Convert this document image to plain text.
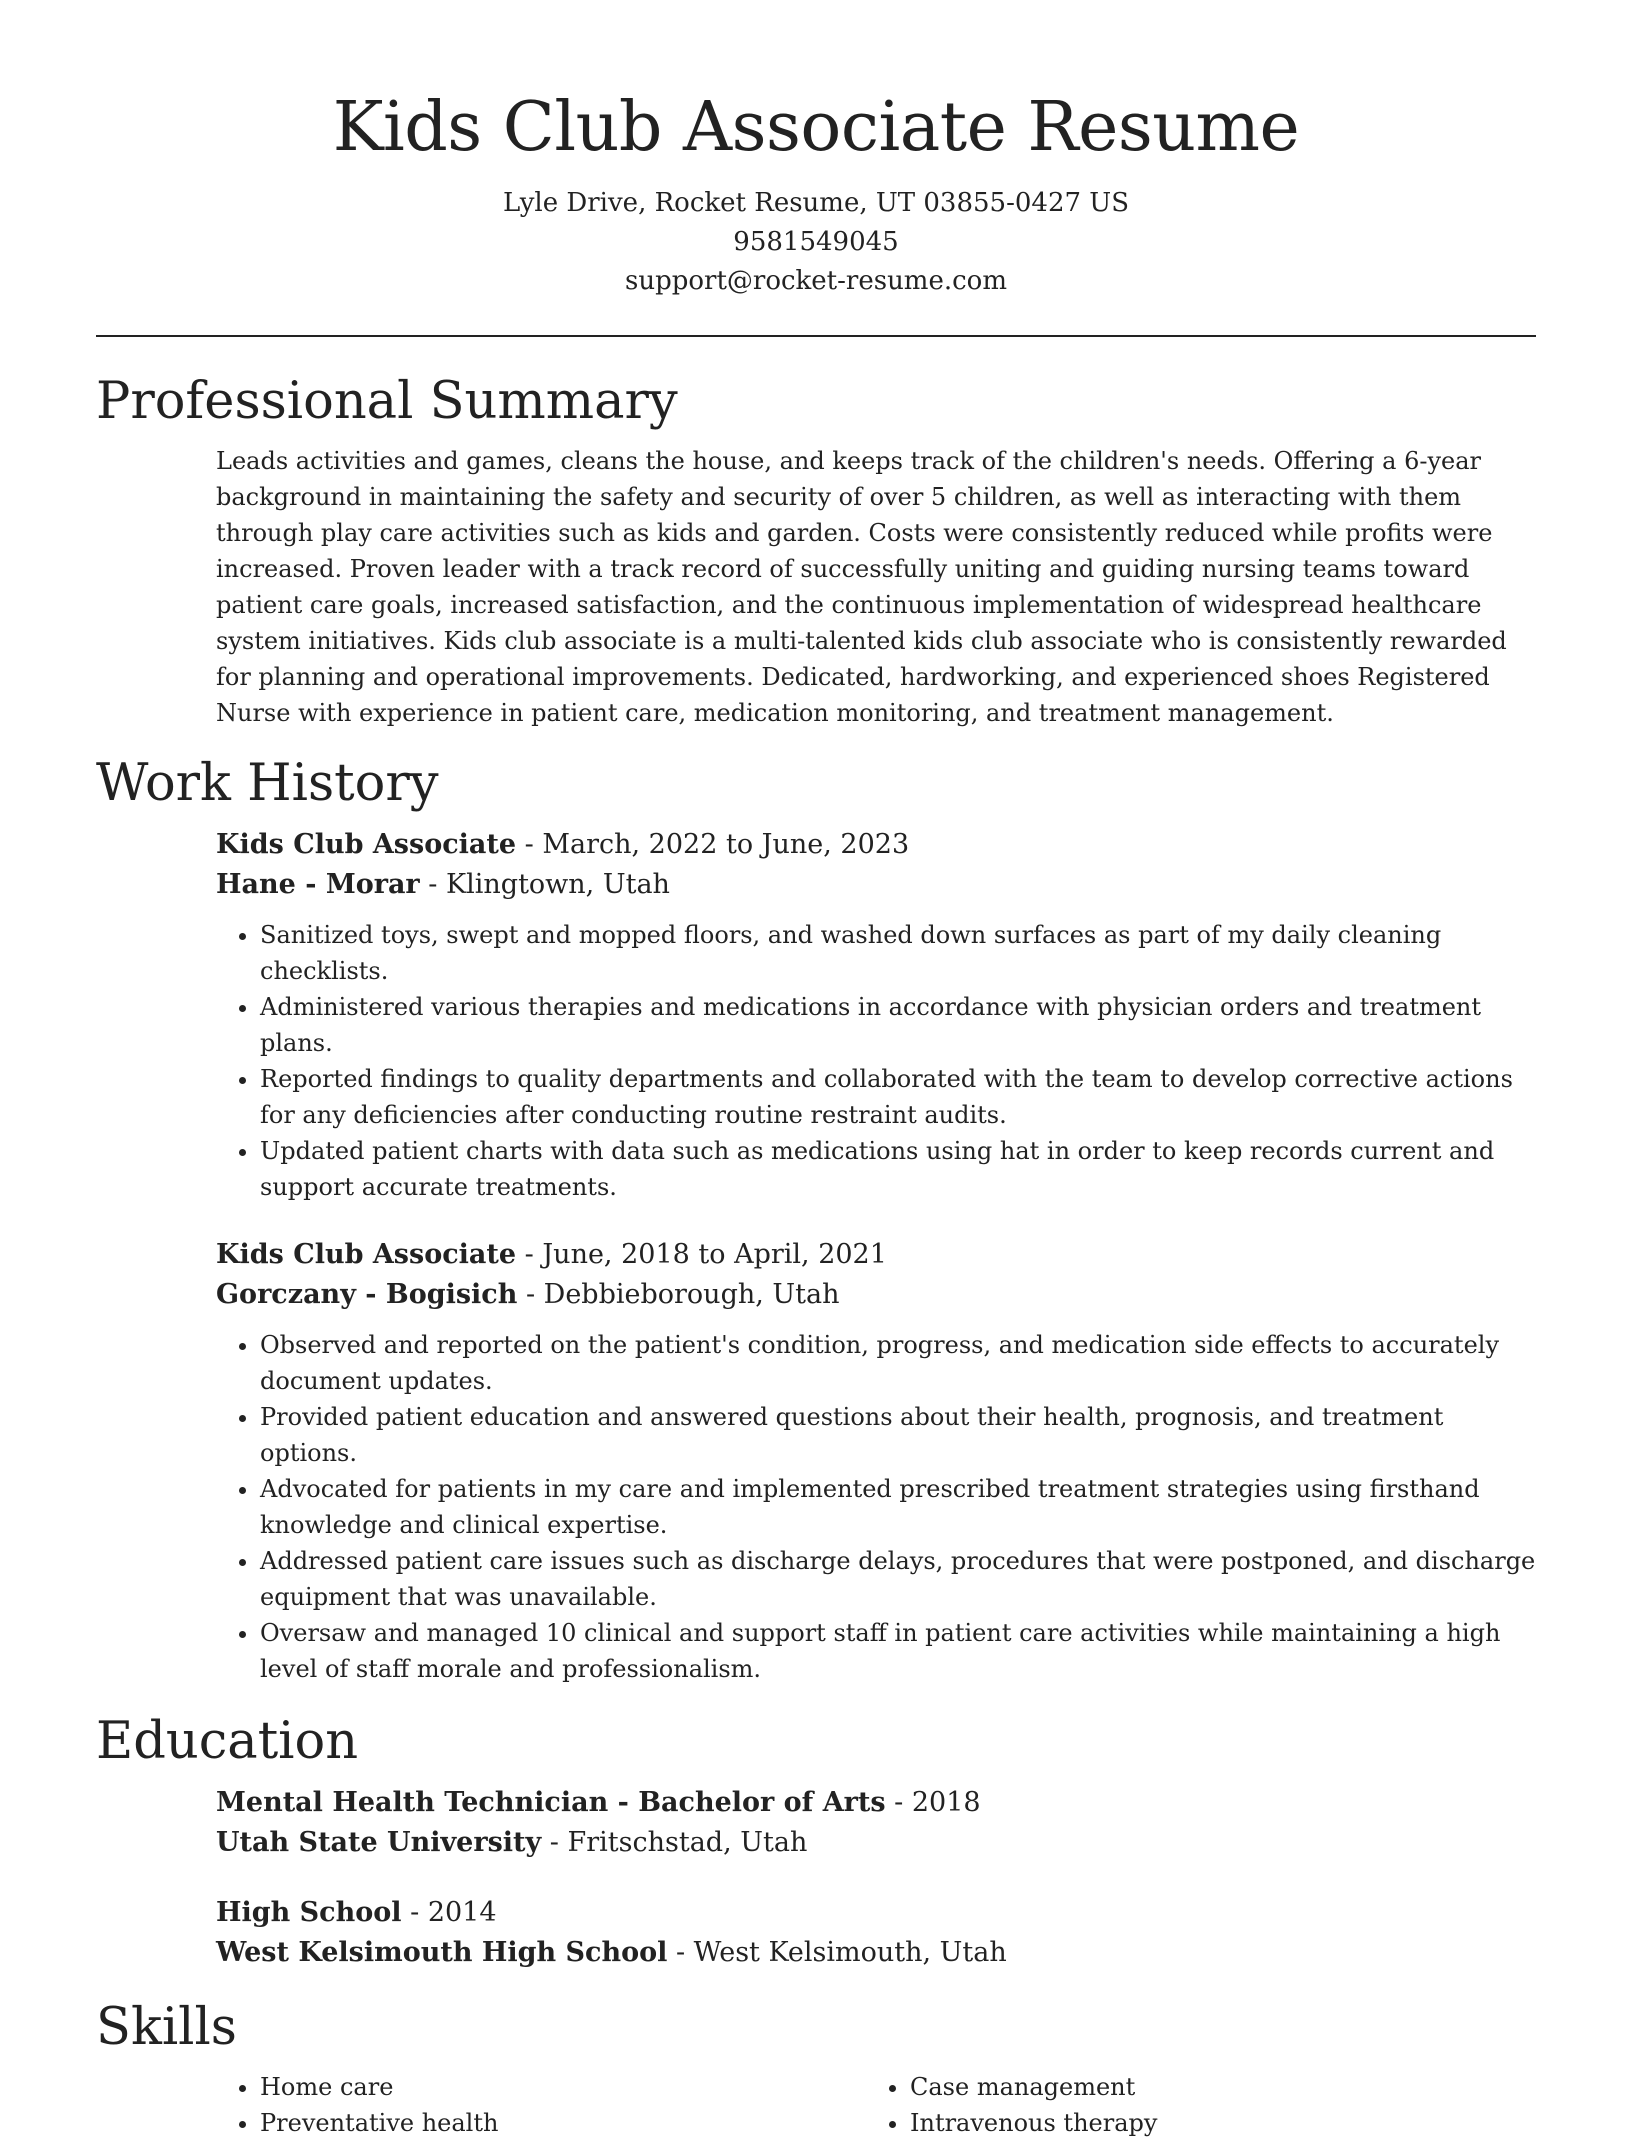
Kids Club Associate Resume
Lyle Drive, Rocket Resume, UT 03855-0427 US
9581549045
support@rocket-resume.com
Professional Summary

Leads activities and games, cleans the house, and keeps track of the children's needs. Offering a 6-year background in maintaining the safety and security of over 5 children, as well as interacting with them through play care activities such as kids and garden. Costs were consistently reduced while profits were increased. Proven leader with a track record of successfully uniting and guiding nursing teams toward patient care goals, increased satisfaction, and the continuous implementation of widespread healthcare system initiatives. Kids club associate is a multi-talented kids club associate who is consistently rewarded for planning and operational improvements. Dedicated, hardworking, and experienced shoes Registered Nurse with experience in patient care, medication monitoring, and treatment management.

Work History
Kids Club Associate - March, 2022 to June, 2023
Hane - Morar - Klingtown, Utah
• Sanitized toys, swept and mopped floors, and washed down surfaces as part of my daily cleaning checklists.
• Administered various therapies and medications in accordance with physician orders and treatment plans.
• Reported findings to quality departments and collaborated with the team to develop corrective actions for any deficiencies after conducting routine restraint audits.
• Updated patient charts with data such as medications using hat in order to keep records current and support accurate treatments.
Kids Club Associate - June, 2018 to April, 2021
Gorczany - Bogisich - Debbieborough, Utah
• Observed and reported on the patient's condition, progress, and medication side effects to accurately document updates.
• Provided patient education and answered questions about their health, prognosis, and treatment options.
• Advocated for patients in my care and implemented prescribed treatment strategies using firsthand knowledge and clinical expertise.
• Addressed patient care issues such as discharge delays, procedures that were postponed, and discharge equipment that was unavailable.
• Oversaw and managed 10 clinical and support staff in patient care activities while maintaining a high level of staff morale and professionalism.
Education
Mental Health Technician - Bachelor of Arts - 2018
Utah State University - Fritschstad, Utah
High School - 2014
West Kelsimouth High School - West Kelsimouth, Utah
Skills
• Home care
• Preventative health
• Case management
• Intravenous therapy
